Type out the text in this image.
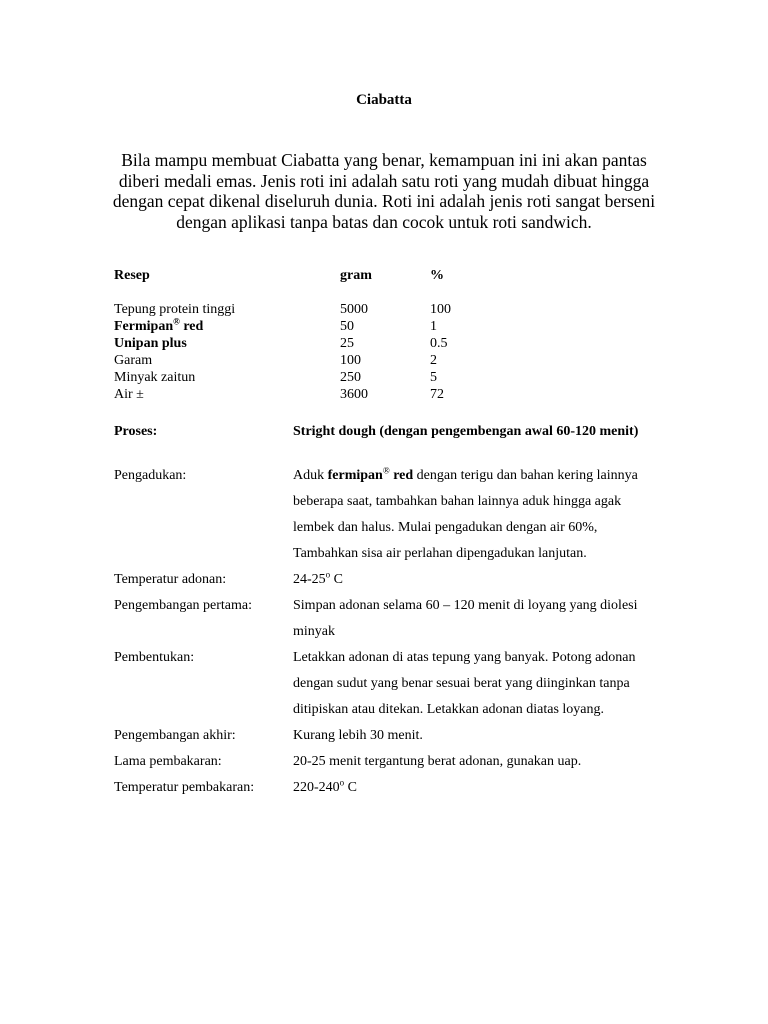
Ciabatta
Bila mampu membuat Ciabatta yang benar, kemampuan ini ini akan pantas diberi medali emas. Jenis roti ini adalah satu roti yang mudah dibuat hingga dengan cepat dikenal diseluruh dunia. Roti ini adalah jenis roti sangat berseni dengan aplikasi tanpa batas dan cocok untuk roti sandwich.
Resep	gram	%
Tepung protein tinggi	5000	100
Fermipan® red	50	1
Unipan plus	25	0.5
Garam	100	2
Minyak zaitun	250	5
Air ±	3600	72
Proses:	Stright dough (dengan pengembengan awal 60-120 menit)
Pengadukan:	Aduk fermipan® red dengan terigu dan bahan kering lainnya beberapa saat, tambahkan bahan lainnya aduk hingga agak lembek dan halus. Mulai pengadukan dengan air 60%, Tambahkan sisa air perlahan dipengadukan lanjutan.
Temperatur adonan:	24-25$^o$ C
Pengembangan pertama:	Simpan adonan selama 60 – 120 menit di loyang yang diolesi minyak
Pembentukan:	Letakkan adonan di atas tepung yang banyak. Potong adonan dengan sudut yang benar sesuai berat yang diinginkan tanpa ditipiskan atau ditekan. Letakkan adonan diatas loyang.
Pengembangan akhir:	Kurang lebih 30 menit.
Lama pembakaran:	20-25 menit tergantung berat adonan, gunakan uap.
Temperatur pembakaran:	220-240$^o$ C
